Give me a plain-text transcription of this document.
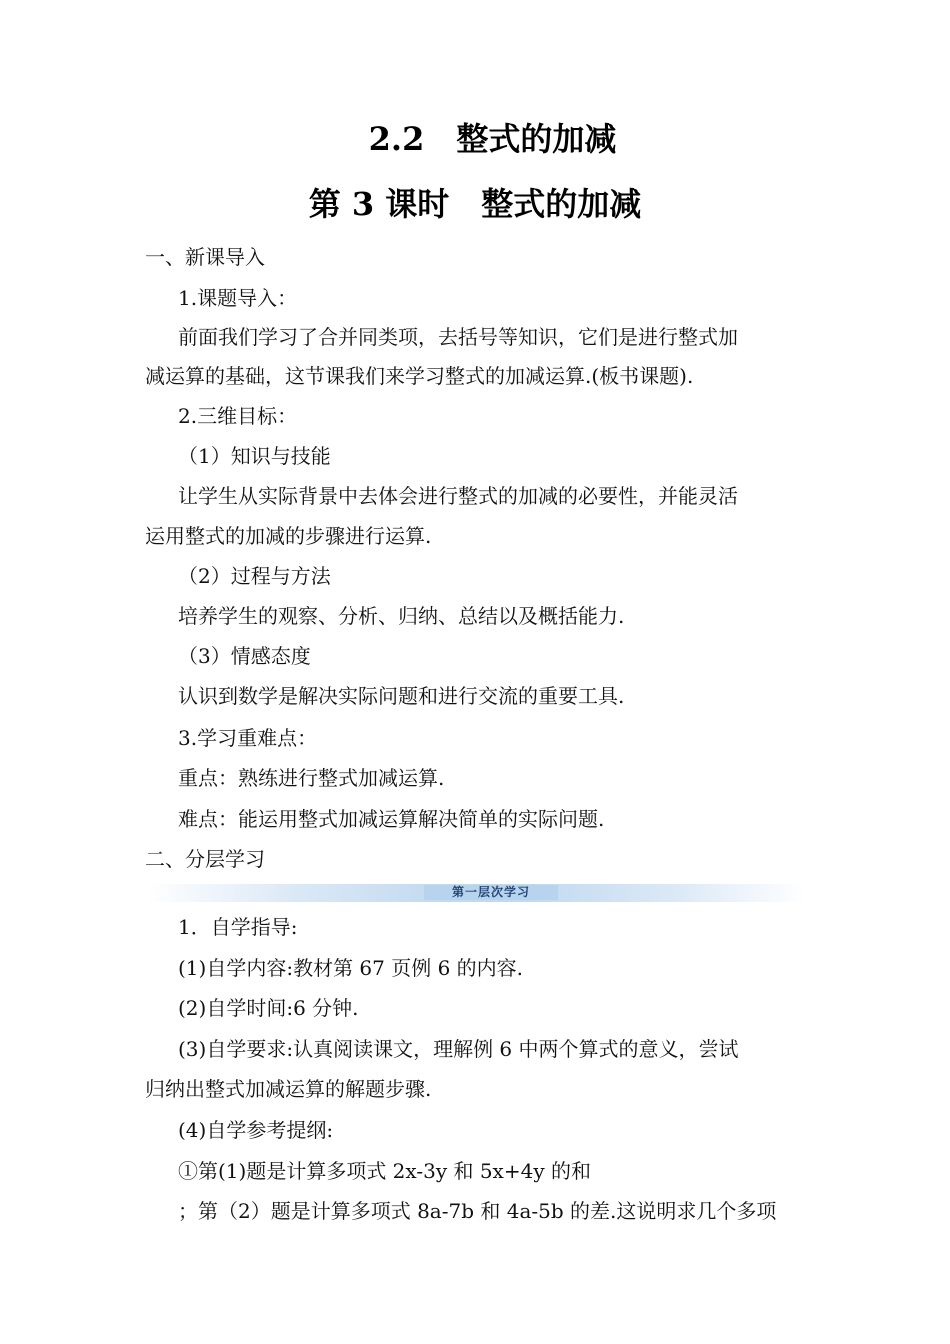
2.2　整式的加减
第 3 课时　整式的加减
一、新课导入
1.课题导入：
前面我们学习了合并同类项，去括号等知识，它们是进行整式加
减运算的基础，这节课我们来学习整式的加减运算.(板书课题).
2.三维目标：
（1）知识与技能
让学生从实际背景中去体会进行整式的加减的必要性，并能灵活
运用整式的加减的步骤进行运算.
（2）过程与方法
培养学生的观察、分析、归纳、总结以及概括能力.
（3）情感态度
认识到数学是解决实际问题和进行交流的重要工具.
3.学习重难点：
重点：熟练进行整式加减运算.
难点：能运用整式加减运算解决简单的实际问题.
二、分层学习
第一层次学习
1．自学指导:
(1)自学内容:教材第 67 页例 6 的内容.
(2)自学时间:6 分钟.
(3)自学要求:认真阅读课文，理解例 6 中两个算式的意义，尝试
归纳出整式加减运算的解题步骤.
(4)自学参考提纲:
①第(1)题是计算多项式 2x-3y 和 5x+4y 的和
；第（2）题是计算多项式 8a-7b 和 4a-5b 的差.这说明求几个多项
